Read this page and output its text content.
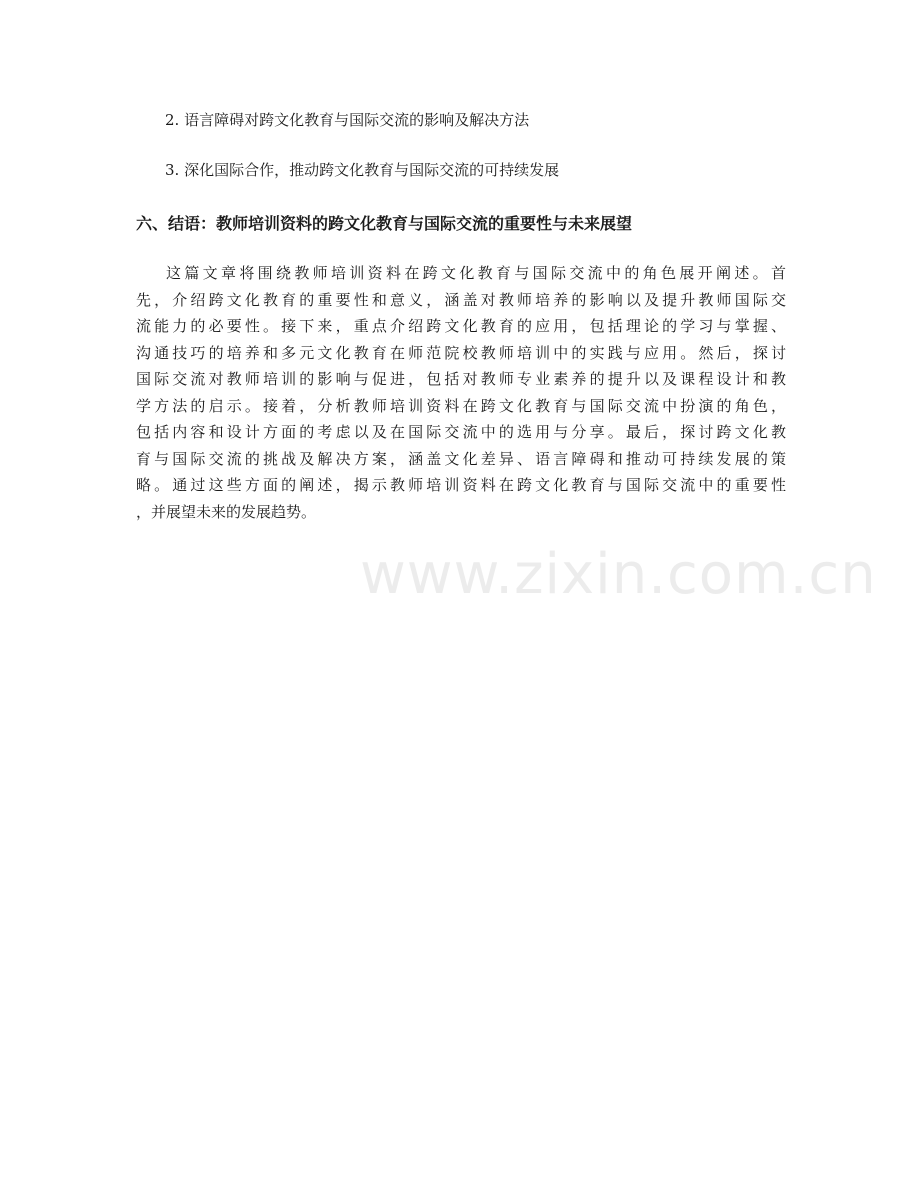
2. 语言障碍对跨文化教育与国际交流的影响及解决方法
3. 深化国际合作，推动跨文化教育与国际交流的可持续发展
六、结语：教师培训资料的跨文化教育与国际交流的重要性与未来展望
这篇文章将围绕教师培训资料在跨文化教育与国际交流中的角色展开阐述。首
先，介绍跨文化教育的重要性和意义，涵盖对教师培养的影响以及提升教师国际交
流能力的必要性。接下来，重点介绍跨文化教育的应用，包括理论的学习与掌握、
沟通技巧的培养和多元文化教育在师范院校教师培训中的实践与应用。然后，探讨
国际交流对教师培训的影响与促进，包括对教师专业素养的提升以及课程设计和教
学方法的启示。接着，分析教师培训资料在跨文化教育与国际交流中扮演的角色，
包括内容和设计方面的考虑以及在国际交流中的选用与分享。最后，探讨跨文化教
育与国际交流的挑战及解决方案，涵盖文化差异、语言障碍和推动可持续发展的策
略。通过这些方面的阐述，揭示教师培训资料在跨文化教育与国际交流中的重要性
，并展望未来的发展趋势。
www.zixin.com.cn
